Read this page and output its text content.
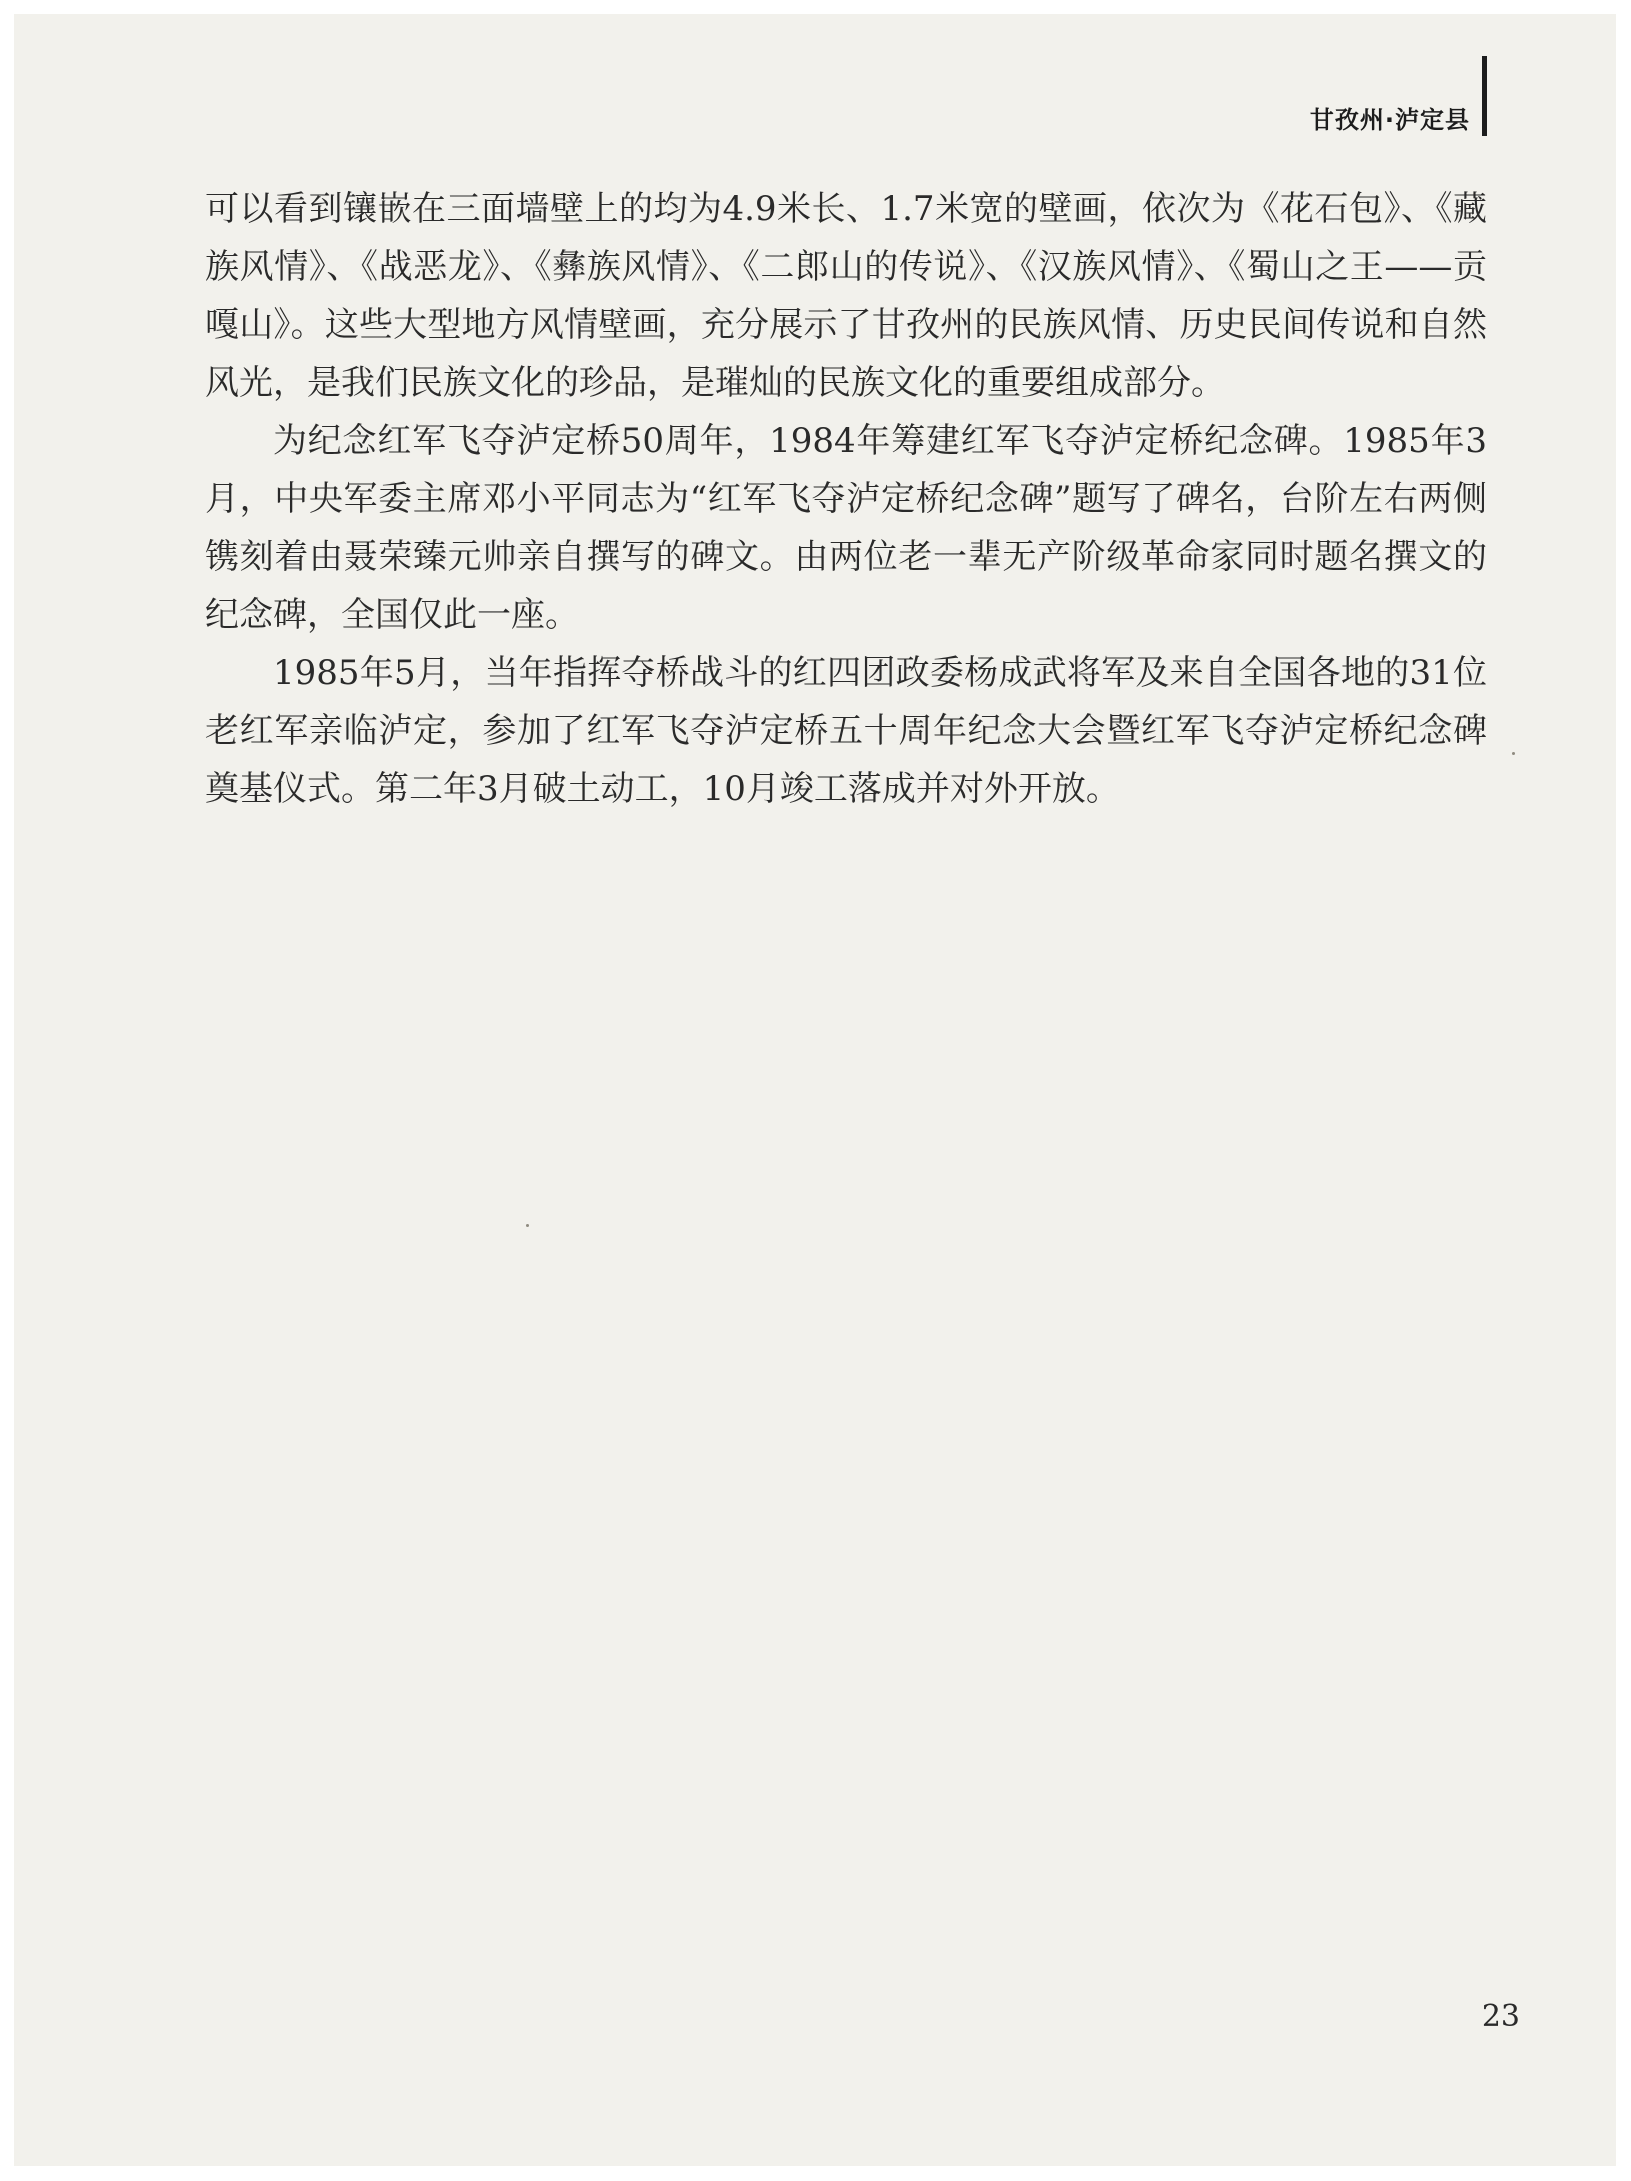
甘孜州·泸定县

可以看到镶嵌在三面墙壁上的均为4.9米长、1.7米宽的壁画，依次为《花石包》、《藏族风情》、《战恶龙》、《彝族风情》、《二郎山的传说》、《汉族风情》、《蜀山之王——贡嘎山》。这些大型地方风情壁画，充分展示了甘孜州的民族风情、历史民间传说和自然风光，是我们民族文化的珍品，是璀灿的民族文化的重要组成部分。

为纪念红军飞夺泸定桥50周年，1984年筹建红军飞夺泸定桥纪念碑。1985年3月，中央军委主席邓小平同志为“红军飞夺泸定桥纪念碑”题写了碑名，台阶左右两侧镌刻着由聂荣臻元帅亲自撰写的碑文。由两位老一辈无产阶级革命家同时题名撰文的纪念碑，全国仅此一座。

1985年5月，当年指挥夺桥战斗的红四团政委杨成武将军及来自全国各地的31位老红军亲临泸定，参加了红军飞夺泸定桥五十周年纪念大会暨红军飞夺泸定桥纪念碑奠基仪式。第二年3月破土动工，10月竣工落成并对外开放。

23
